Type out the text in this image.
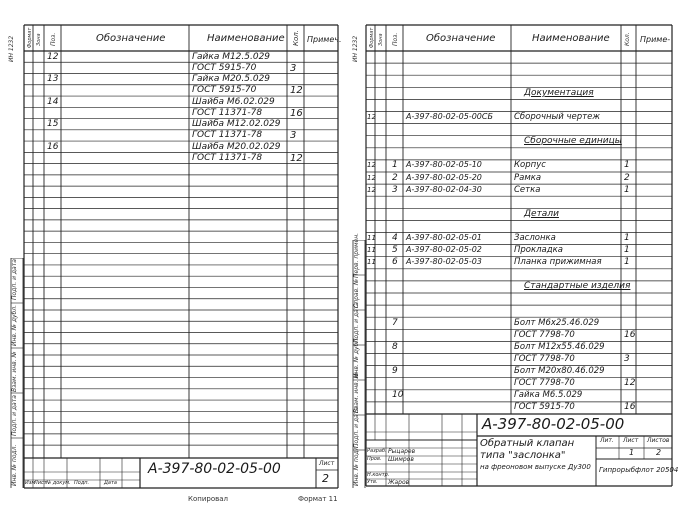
Формат Зона Поз.	Обозначение	Наименование Кол. Примеч.
12	Гайка М12.5.029
ГОСТ 5915-70	3
13	Гайка М20.5.029
ГОСТ 5915-70	12
14	Шайба М6.02.029
ГОСТ 11371-78	16
15	Шайба М12.02.029
ГОСТ 11371-78	3
16	Шайба М20.02.029
ГОСТ 11371-78	12
А-397-80-02-05-00	Лист
2
Изм
Лист № докум. Подп.	Дата
ИН 1232
Инв. № подл.
Подп. и дата
Взам. инв. №
Инв. № дубл.
Подп. и дата
Копировал	Формат 11
Формат Зона Поз.	Обозначение	Наименование Кол. Приме-
Документация
12	А-397-80-02-05-00СБ Сборочный чертеж
Сборочные единицы
12 1 А-397-80-02-05-10	Корпус	1
12 2 А-397-80-02-05-20	Рамка	2
12 3 А-397-80-02-04-30	Сетка	1
Детали
11 4 А-397-80-02-05-01	Заслонка	1
11 5 А-397-80-02-05-02	Прокладка	1
11 6 А-397-80-02-05-03	Планка прижимная 1
Стандартные изделия
7	Болт М6х25.46.029
ГОСТ 7798-70	16
8	Болт М12х55.46.029
ГОСТ 7798-70	3
9	Болт М20х80.46.029
ГОСТ 7798-70	12
10	Гайка М6.5.029
ГОСТ 5915-70	16
А-397-80-02-05-00
Обратный клапан
типа "заслонка"
на фреоновом выпуске Ду300
Лит. Лист Листов
1	2
Гипрорыбфлот 20504
Разраб. Рыцарев
Пров. Шимров
Н.контр.
Утв. Жаров
ИН 1232
Инв. № подл.
Подп. и дата
Взам. инв. №
Инв. № дубл.
Подп. и дата
Справ. №
Перв. примен.
